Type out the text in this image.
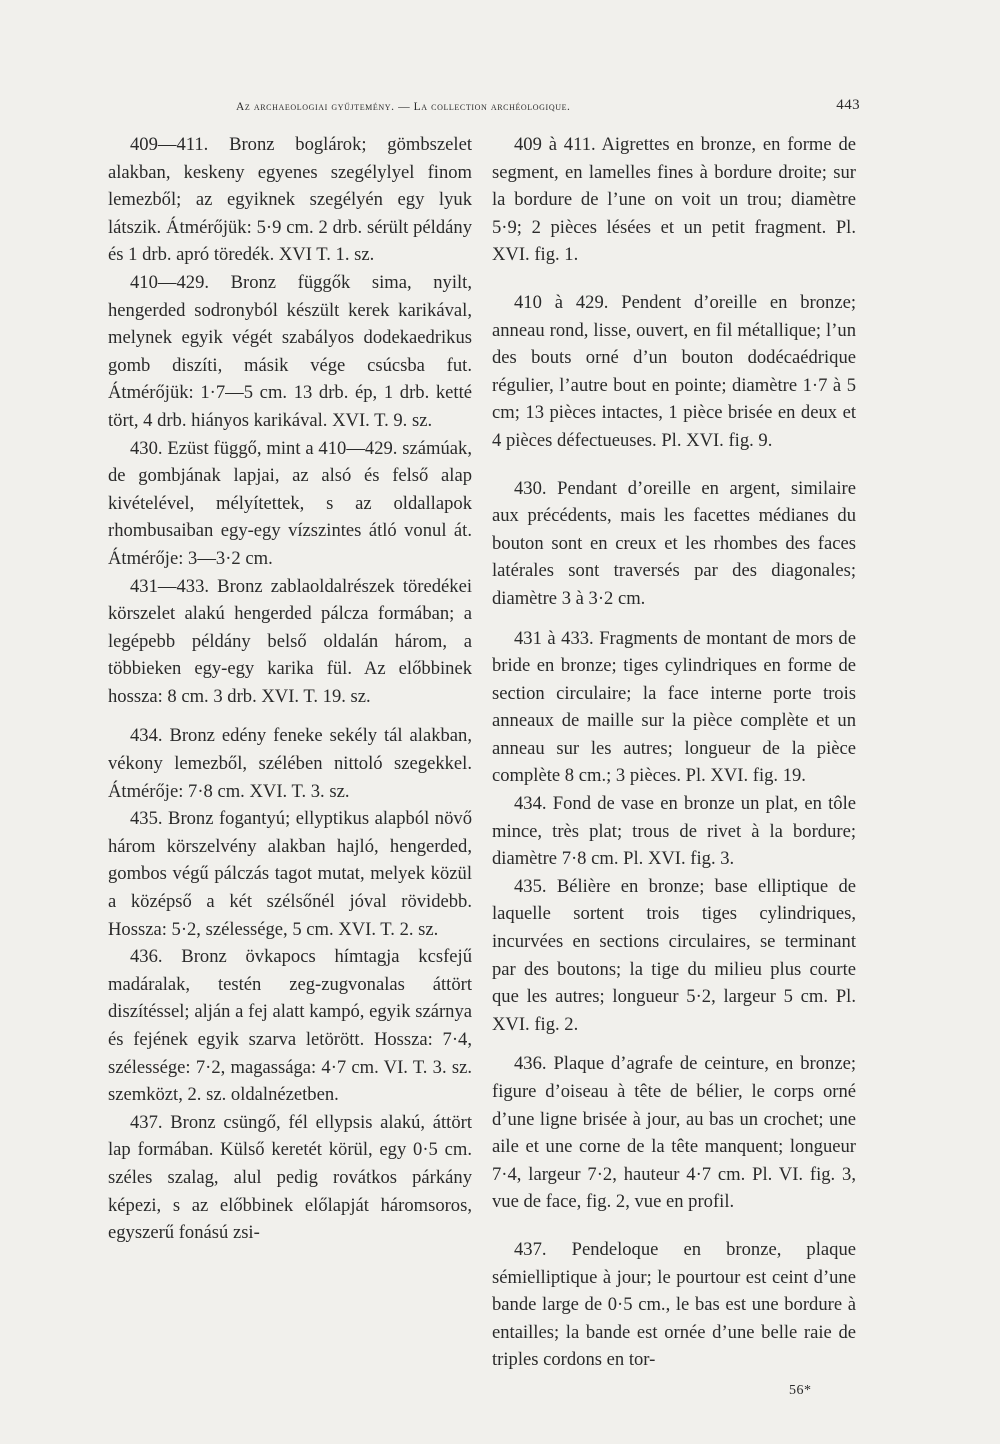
Az archaeologiai gyűjtemény. — La collection archéologique.	443

409—411. Bronz boglárok; gömbszelet alakban, keskeny egyenes szegélylyel finom lemezből; az egyiknek szegélyén egy lyuk látszik. Átmérőjük: 5·9 cm. 2 drb. sérült példány és 1 drb. apró töredék. XVI T. 1. sz.

410—429. Bronz függők sima, nyilt, hengerded sodronyból készült kerek karikával, melynek egyik végét szabályos dodekaedrikus gomb diszíti, másik vége csúcsba fut. Átmérőjük: 1·7—5 cm. 13 drb. ép, 1 drb. ketté tört, 4 drb. hiányos karikával. XVI. T. 9. sz.

430. Ezüst függő, mint a 410—429. számúak, de gombjának lapjai, az alsó és felső alap kivételével, mélyítettek, s az oldallapok rhombusaiban egy-egy vízszintes átló vonul át. Átmérője: 3—3·2 cm.

431—433. Bronz zablaoldalrészek töredékei körszelet alakú hengerded pálcza formában; a legépebb példány belső oldalán három, a többieken egy-egy karika fül. Az előbbinek hossza: 8 cm. 3 drb. XVI. T. 19. sz.

434. Bronz edény feneke sekély tál alakban, vékony lemezből, szélében nittoló szegekkel. Átmérője: 7·8 cm. XVI. T. 3. sz.

435. Bronz fogantyú; ellyptikus alapból növő három körszelvény alakban hajló, hengerded, gombos végű pálczás tagot mutat, melyek közül a középső a két szélsőnél jóval rövidebb. Hossza: 5·2, szélessége, 5 cm. XVI. T. 2. sz.

436. Bronz övkapocs hímtagja kcsfejű madáralak, testén zeg-zugvonalas áttört diszítéssel; alján a fej alatt kampó, egyik szárnya és fejének egyik szarva letörött. Hossza: 7·4, szélessége: 7·2, magassága: 4·7 cm. VI. T. 3. sz. szemközt, 2. sz. oldalnézetben.

437. Bronz csüngő, fél ellypsis alakú, áttört lap formában. Külső keretét körül, egy 0·5 cm. széles szalag, alul pedig rovátkos párkány képezi, s az előbbinek előlapját háromsoros, egyszerű fonású zsi-

409 à 411. Aigrettes en bronze, en forme de segment, en lamelles fines à bordure droite; sur la bordure de l’une on voit un trou; diamètre 5·9; 2 pièces lésées et un petit fragment. Pl. XVI. fig. 1.

410 à 429. Pendent d’oreille en bronze; anneau rond, lisse, ouvert, en fil métallique; l’un des bouts orné d’un bouton dodécaédrique régulier, l’autre bout en pointe; diamètre 1·7 à 5 cm; 13 pièces intactes, 1 pièce brisée en deux et 4 pièces défectueuses. Pl. XVI. fig. 9.

430. Pendant d’oreille en argent, similaire aux précédents, mais les facettes médianes du bouton sont en creux et les rhombes des faces latérales sont traversés par des diagonales; diamètre 3 à 3·2 cm.

431 à 433. Fragments de montant de mors de bride en bronze; tiges cylindriques en forme de section circulaire; la face interne porte trois anneaux de maille sur la pièce complète et un anneau sur les autres; longueur de la pièce complète 8 cm.; 3 pièces. Pl. XVI. fig. 19.

434. Fond de vase en bronze un plat, en tôle mince, très plat; trous de rivet à la bordure; diamètre 7·8 cm. Pl. XVI. fig. 3.

435. Bélière en bronze; base elliptique de laquelle sortent trois tiges cylindriques, incurvées en sections circulaires, se terminant par des boutons; la tige du milieu plus courte que les autres; longueur 5·2, largeur 5 cm. Pl. XVI. fig. 2.

436. Plaque d’agrafe de ceinture, en bronze; figure d’oiseau à tête de bélier, le corps orné d’une ligne brisée à jour, au bas un crochet; une aile et une corne de la tête manquent; longueur 7·4, largeur 7·2, hauteur 4·7 cm. Pl. VI. fig. 3, vue de face, fig. 2, vue en profil.

437. Pendeloque en bronze, plaque sémielliptique à jour; le pourtour est ceint d’une bande large de 0·5 cm., le bas est une bordure à entailles; la bande est ornée d’une belle raie de triples cordons en tor-

56*
